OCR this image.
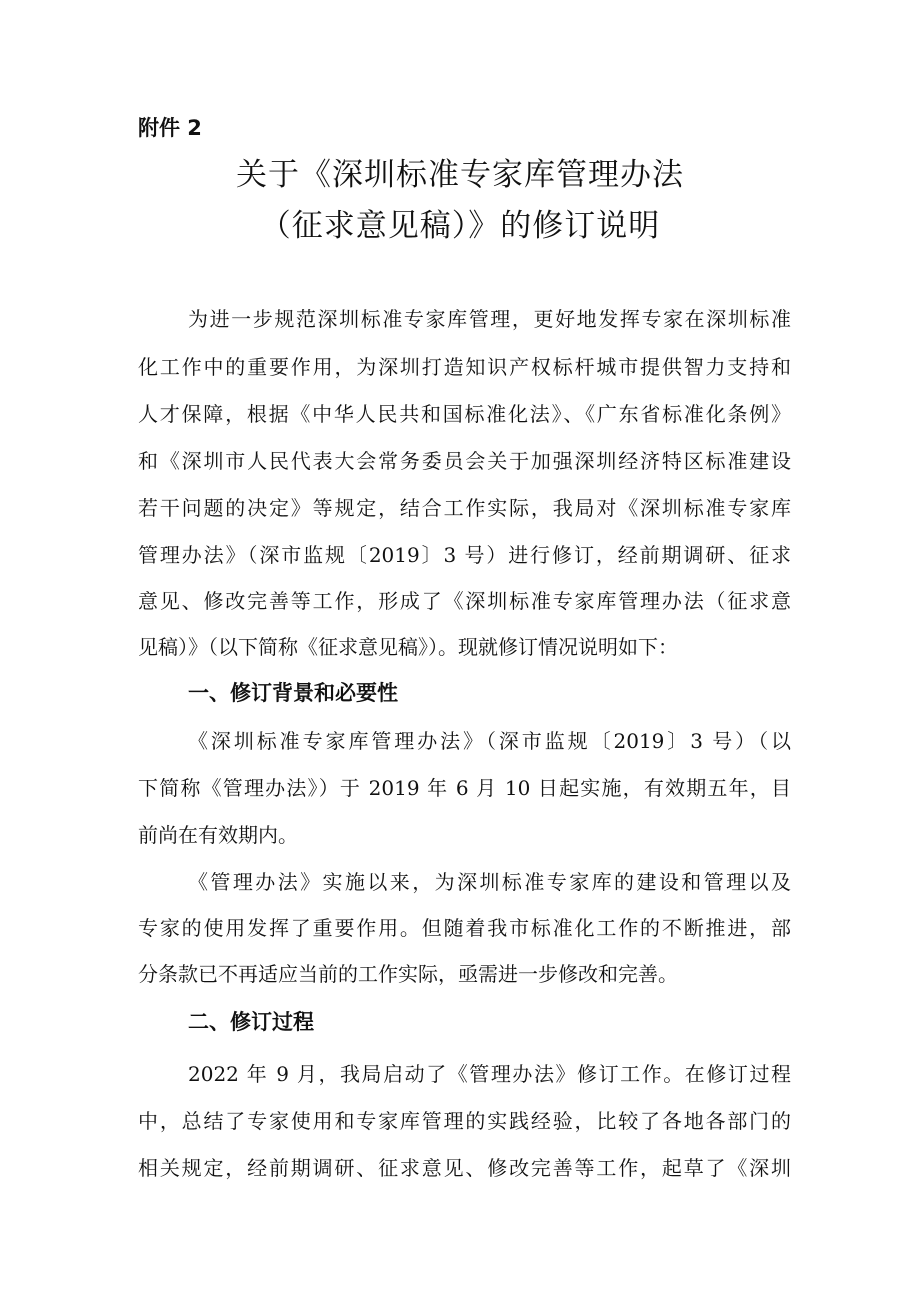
附件 2
关于《深圳标准专家库管理办法
（征求意见稿）》的修订说明
为进一步规范深圳标准专家库管理，更好地发挥专家在深圳标准
化工作中的重要作用，为深圳打造知识产权标杆城市提供智力支持和
人才保障，根据《中华人民共和国标准化法》、《广东省标准化条例》
和《深圳市人民代表大会常务委员会关于加强深圳经济特区标准建设
若干问题的决定》等规定，结合工作实际，我局对《深圳标准专家库
管理办法》（深市监规〔2019〕3 号）进行修订，经前期调研、征求
意见、修改完善等工作，形成了《深圳标准专家库管理办法（征求意
见稿）》（以下简称《征求意见稿》）。现就修订情况说明如下：
一、修订背景和必要性
《深圳标准专家库管理办法》（深市监规〔2019〕3 号）（以
下简称《管理办法》）于 2019 年 6 月 10 日起实施，有效期五年，目
前尚在有效期内。
《管理办法》实施以来，为深圳标准专家库的建设和管理以及
专家的使用发挥了重要作用。但随着我市标准化工作的不断推进，部
分条款已不再适应当前的工作实际，亟需进一步修改和完善。
二、修订过程
2022 年 9 月，我局启动了《管理办法》修订工作。在修订过程
中，总结了专家使用和专家库管理的实践经验，比较了各地各部门的
相关规定，经前期调研、征求意见、修改完善等工作，起草了《深圳
